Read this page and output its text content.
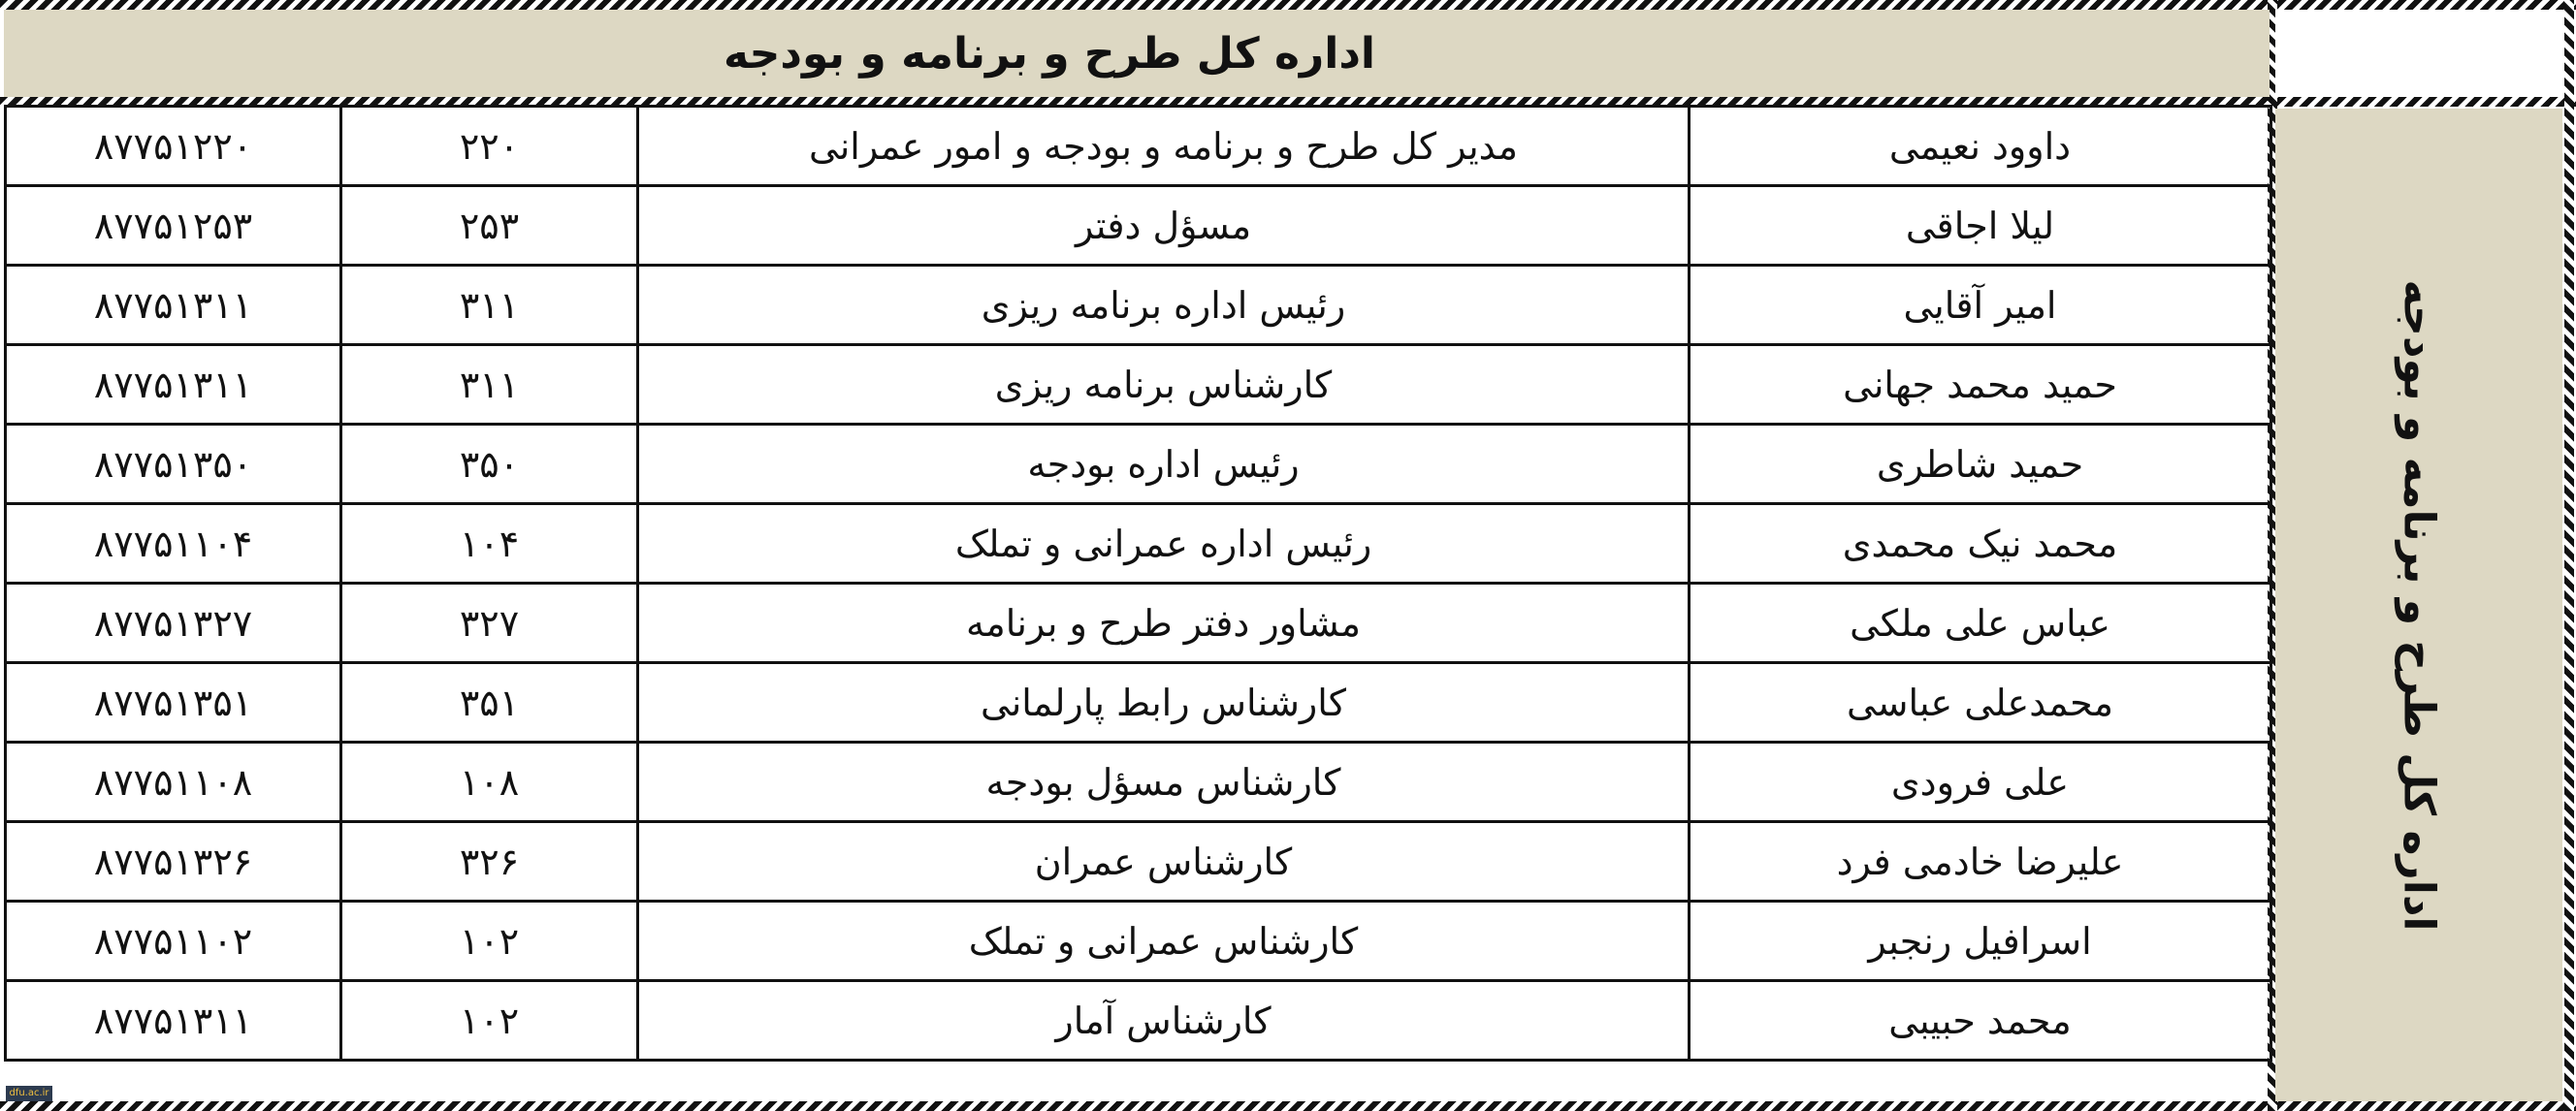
اداره کل طرح و برنامه و بودجه
اداره کل طرح و برنامه و بودجه
۸۷۷۵۱۲۲۰	۲۲۰	مدیر کل طرح و برنامه و بودجه و امور عمرانی	داوود نعیمی
۸۷۷۵۱۲۵۳	۲۵۳	مسؤل دفتر	لیلا اجاقی
۸۷۷۵۱۳۱۱	۳۱۱	رئیس اداره برنامه ریزی	امیر آقایی
۸۷۷۵۱۳۱۱	۳۱۱	کارشناس برنامه ریزی	حمید محمد جهانی
۸۷۷۵۱۳۵۰	۳۵۰	رئیس اداره بودجه	حمید شاطری
۸۷۷۵۱۱۰۴	۱۰۴	رئیس اداره عمرانی و تملک	محمد نیک محمدی
۸۷۷۵۱۳۲۷	۳۲۷	مشاور دفتر طرح و برنامه	عباس علی ملکی
۸۷۷۵۱۳۵۱	۳۵۱	کارشناس رابط پارلمانی	محمدعلی عباسی
۸۷۷۵۱۱۰۸	۱۰۸	کارشناس مسؤل بودجه	علی فرودی
۸۷۷۵۱۳۲۶	۳۲۶	کارشناس عمران	علیرضا خادمی فرد
۸۷۷۵۱۱۰۲	۱۰۲	کارشناس عمرانی و تملک	اسرافیل رنجبر
۸۷۷۵۱۳۱۱	۱۰۲	کارشناس آمار	محمد حبیبی
dfu.ac.ir
